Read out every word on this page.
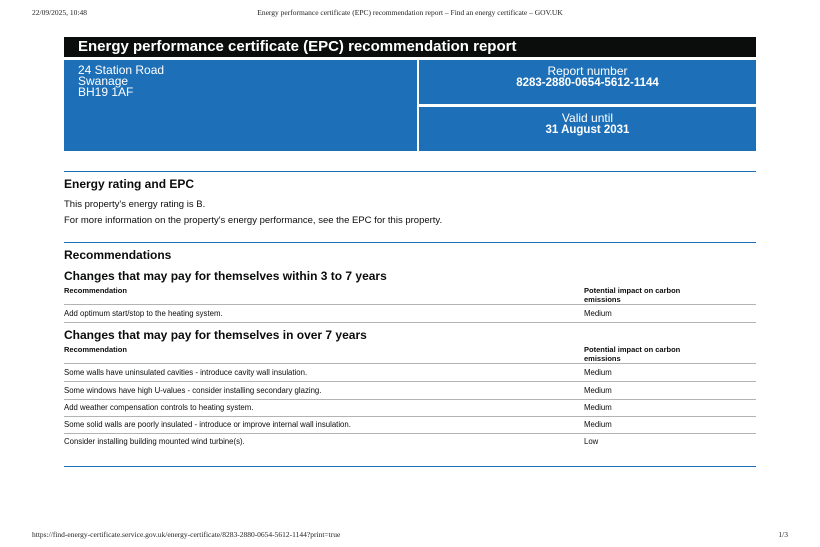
22/09/2025, 10:48	Energy performance certificate (EPC) recommendation report – Find an energy certificate – GOV.UK
Energy performance certificate (EPC) recommendation report
24 Station Road
Swanage
BH19 1AF
Report number
8283-2880-0654-5612-1144
Valid until
31 August 2031
Energy rating and EPC

This property's energy rating is B.

For more information on the property's energy performance, see the EPC for this property.

Recommendations
Changes that may pay for themselves within 3 to 7 years
Recommendation	Potential impact on carbon
emissions
Add optimum start/stop to the heating system.	Medium
Changes that may pay for themselves in over 7 years
Recommendation	Potential impact on carbon
emissions
Some walls have uninsulated cavities - introduce cavity wall insulation.	Medium
Some windows have high U-values - consider installing secondary glazing.	Medium
Add weather compensation controls to heating system.	Medium
Some solid walls are poorly insulated - introduce or improve internal wall insulation.	Medium
Consider installing building mounted wind turbine(s).	Low
https://find-energy-certificate.service.gov.uk/energy-certificate/8283-2880-0654-5612-1144?print=true	1/3
